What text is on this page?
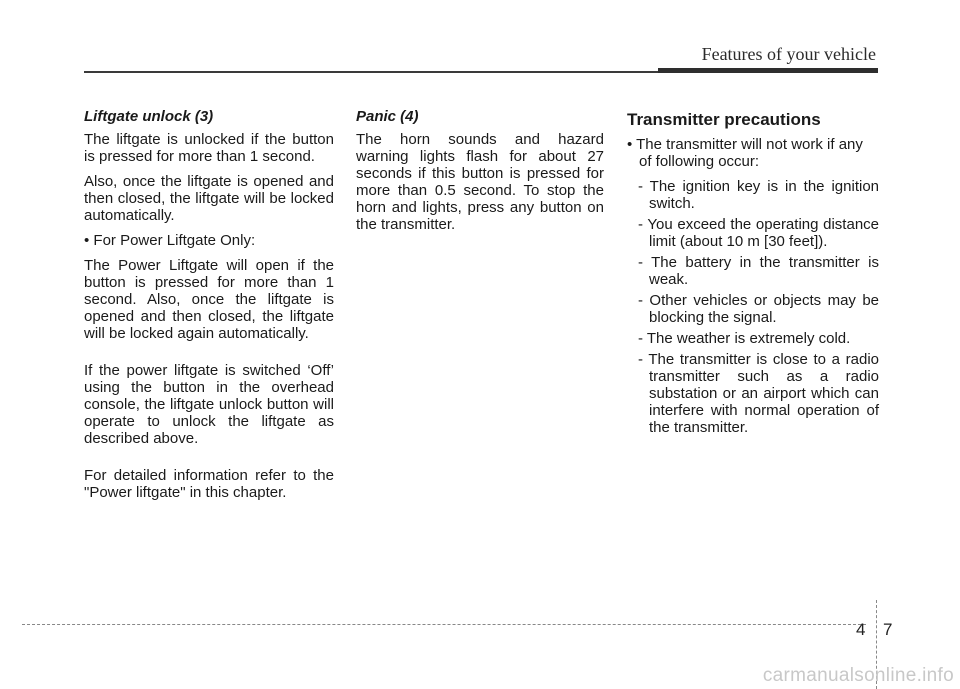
Features of your vehicle

Liftgate unlock (3)

The liftgate is unlocked if the button is pressed for more than 1 second.

Also, once the liftgate is opened and then closed, the liftgate will be locked automatically.

• For Power Liftgate Only:

The Power Liftgate will open if the button is pressed for more than 1 second. Also, once the liftgate is opened and then closed, the liftgate will be locked again automatically.

If the power liftgate is switched ‘Off’ using the button in the overhead console, the liftgate unlock button will operate to unlock the liftgate as described above.

For detailed information refer to the "Power liftgate" in this chapter.

Panic (4)

The horn sounds and hazard warning lights flash for about 27 seconds if this button is pressed for more than 0.5 second. To stop the horn and lights, press any button on the transmitter.

Transmitter precautions

• The transmitter will not work if any of following occur:

- The ignition key is in the ignition switch.

- You exceed the operating distance limit (about 10 m [30 feet]).

- The battery in the transmitter is weak.

- Other vehicles or objects may be blocking the signal.

- The weather is extremely cold.

- The transmitter is close to a radio transmitter such as a radio substation or an airport which can interfere with normal operation of the transmitter.

4 7
carmanualsonline.info
